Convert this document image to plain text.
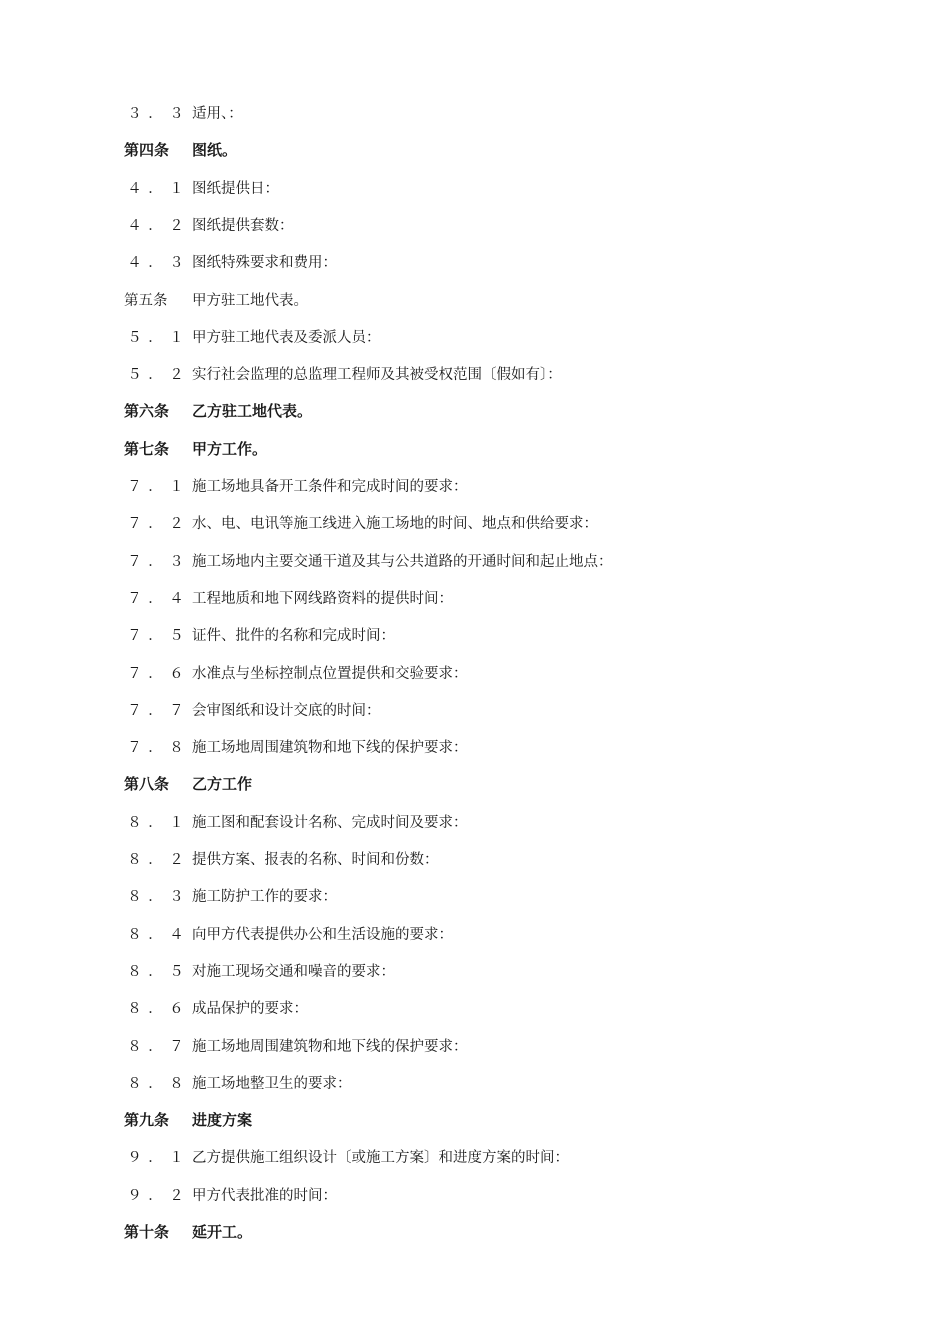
３ ． ３ 适用、：
第四条	图纸。
４ ． １ 图纸提供日：
４ ． ２ 图纸提供套数：
４ ． ３ 图纸特殊要求和费用：
第五条	甲方驻工地代表。
５ ． １ 甲方驻工地代表及委派人员：
５ ． ２ 实行社会监理的总监理工程师及其被受权范围〔假如有〕：
第六条	乙方驻工地代表。
第七条	甲方工作。
７ ． １ 施工场地具备开工条件和完成时间的要求：
７ ． ２ 水、电、电讯等施工线进入施工场地的时间、地点和供给要求：
７ ． ３ 施工场地内主要交通干道及其与公共道路的开通时间和起止地点：
７ ． ４ 工程地质和地下网线路资料的提供时间：
７ ． ５ 证件、批件的名称和完成时间：
７ ． ６ 水准点与坐标控制点位置提供和交验要求：
７ ． ７ 会审图纸和设计交底的时间：
７ ． ８ 施工场地周围建筑物和地下线的保护要求：
第八条	乙方工作
８ ． １ 施工图和配套设计名称、完成时间及要求：
８ ． ２ 提供方案、报表的名称、时间和份数：
８ ． ３ 施工防护工作的要求：
８ ． ４ 向甲方代表提供办公和生活设施的要求：
８ ． ５ 对施工现场交通和噪音的要求：
８ ． ６ 成品保护的要求：
８ ． ７ 施工场地周围建筑物和地下线的保护要求：
８ ． ８ 施工场地整卫生的要求：
第九条	进度方案
９ ． １ 乙方提供施工组织设计〔或施工方案〕和进度方案的时间：
９ ． ２ 甲方代表批准的时间：
第十条	延开工。
